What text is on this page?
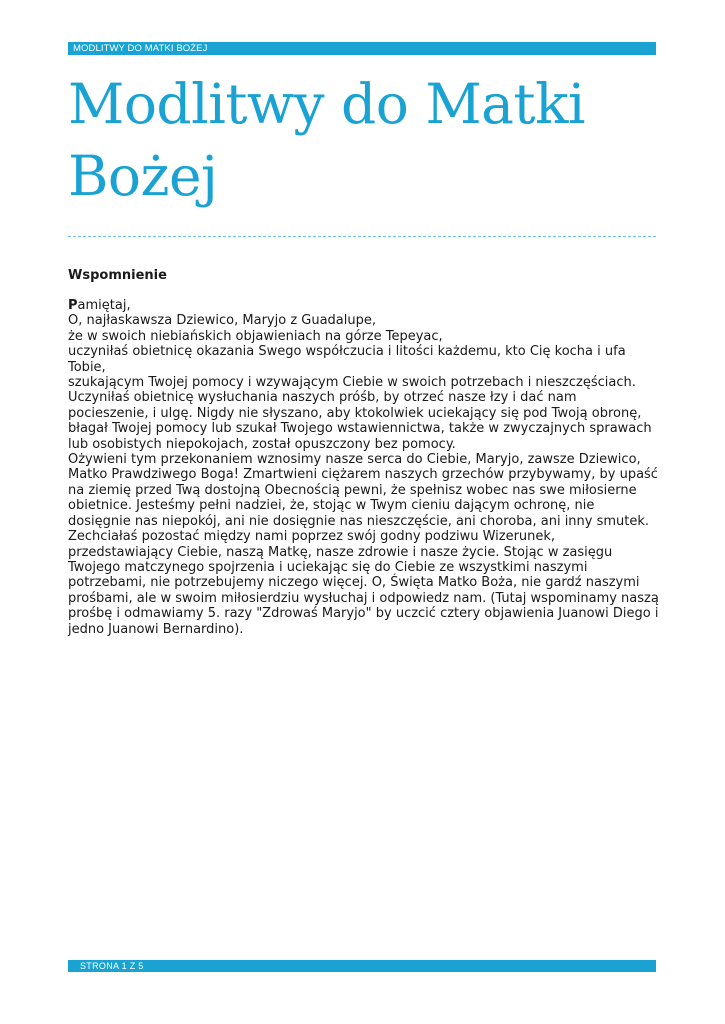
MODLITWY DO MATKI BOŻEJ
Modlitwy do Matki
Bożej
Wspomnienie

Pamiętaj,

O, najłaskawsza Dziewico, Maryjo z Guadalupe,

że w swoich niebiańskich objawieniach na górze Tepeyac,

uczyniłaś obietnicę okazania Swego współczucia i litości każdemu, kto Cię kocha i ufa Tobie,

szukającym Twojej pomocy i wzywającym Ciebie w swoich potrzebach i nieszczęściach.

Uczyniłaś obietnicę wysłuchania naszych próśb, by otrzeć nasze łzy i dać nam pocieszenie, i ulgę. Nigdy nie słyszano, aby ktokolwiek uciekający się pod Twoją obronę, błagał Twojej pomocy lub szukał Twojego wstawiennictwa, także w zwyczajnych sprawach lub osobistych niepokojach, został opuszczony bez pomocy.

Ożywieni tym przekonaniem wznosimy nasze serca do Ciebie, Maryjo, zawsze Dziewico, Matko Prawdziwego Boga! Zmartwieni ciężarem naszych grzechów przybywamy, by upaść na ziemię przed Twą dostojną Obecnością pewni, że spełnisz wobec nas swe miłosierne obietnice. Jesteśmy pełni nadziei, że, stojąc w Twym cieniu dającym ochronę, nie dosięgnie nas niepokój, ani nie dosięgnie nas nieszczęście, ani choroba, ani inny smutek.

Zechciałaś pozostać między nami poprzez swój godny podziwu Wizerunek, przedstawiający Ciebie, naszą Matkę, nasze zdrowie i nasze życie. Stojąc w zasięgu Twojego matczynego spojrzenia i uciekając się do Ciebie ze wszystkimi naszymi potrzebami, nie potrzebujemy niczego więcej. O, Święta Matko Boża, nie gardź naszymi prośbami, ale w swoim miłosierdziu wysłuchaj i odpowiedz nam. (Tutaj wspominamy naszą prośbę i odmawiamy 5. razy "Zdrowaś Maryjo" by uczcić cztery objawienia Juanowi Diego i jedno Juanowi Bernardino).

STRONA 1 Z 5
